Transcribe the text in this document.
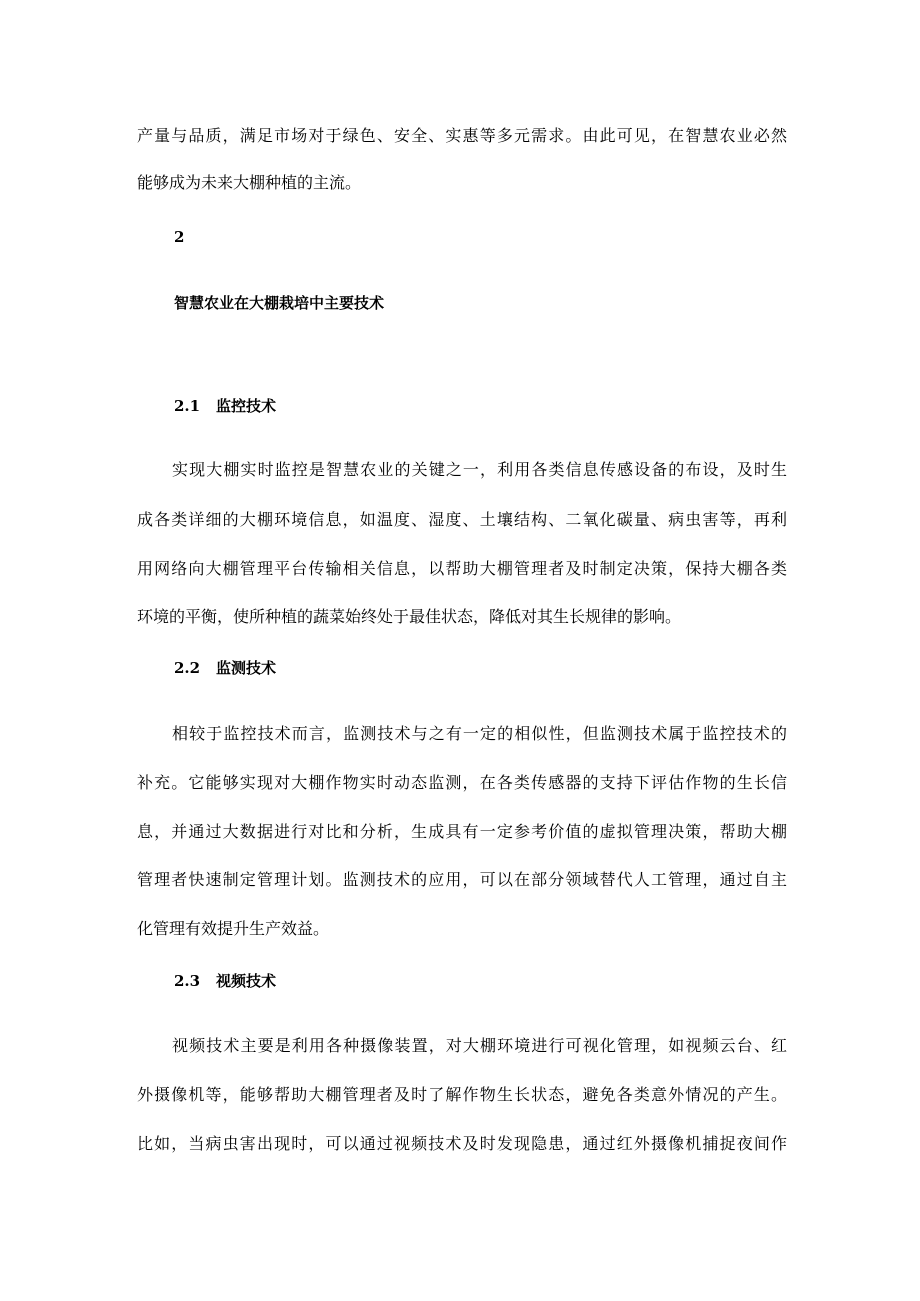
产量与品质，满足市场对于绿色、安全、实惠等多元需求。由此可见，在智慧农业必然
能够成为未来大棚种植的主流。
2
智慧农业在大棚栽培中主要技术
2.1 监控技术
实现大棚实时监控是智慧农业的关键之一，利用各类信息传感设备的布设，及时生
成各类详细的大棚环境信息，如温度、湿度、土壤结构、二氧化碳量、病虫害等，再利
用网络向大棚管理平台传输相关信息，以帮助大棚管理者及时制定决策，保持大棚各类
环境的平衡，使所种植的蔬菜始终处于最佳状态，降低对其生长规律的影响。
2.2 监测技术
相较于监控技术而言，监测技术与之有一定的相似性，但监测技术属于监控技术的
补充。它能够实现对大棚作物实时动态监测，在各类传感器的支持下评估作物的生长信
息，并通过大数据进行对比和分析，生成具有一定参考价值的虚拟管理决策，帮助大棚
管理者快速制定管理计划。监测技术的应用，可以在部分领域替代人工管理，通过自主
化管理有效提升生产效益。
2.3 视频技术
视频技术主要是利用各种摄像装置，对大棚环境进行可视化管理，如视频云台、红
外摄像机等，能够帮助大棚管理者及时了解作物生长状态，避免各类意外情况的产生。
比如，当病虫害出现时，可以通过视频技术及时发现隐患，通过红外摄像机捕捉夜间作
